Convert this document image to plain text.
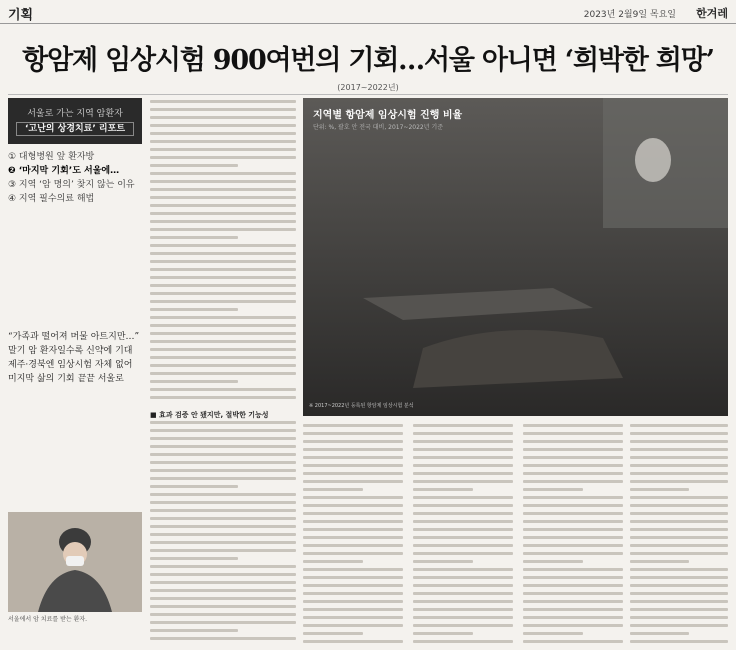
기획	2023년 2월9일 목요일 한겨레
항암제 임상시험 900여번의 기회…서울 아니면 ‘희박한 희망’
(2017~2022년)
서울로 가는 지역 암환자
‘고난의 상경치료’ 리포트
① 대형병원 앞 환자방
❷ ‘마지막 기회’도 서울에…
③ 지역 ‘암 명의’ 찾지 않는 이유
④ 지역 필수의료 해법

“가족과 떨어져 머물 아트지만…”

말기 암 환자일수록 신약에 기대

제주·경북엔 임상시험 자체 없어

미지막 삶의 기회 끝끝 서울로

서울에서 암 치료를 받는 환자.
■ 효과 검증 안 됐지만, 절박한 기능성
지역별 항암제 임상시험 진행 비율
단위: %, 괄호 안 전국 대비, 2017~2022년 기준
※ 2017~2022년 등록된 항암제 임상시험 분석
